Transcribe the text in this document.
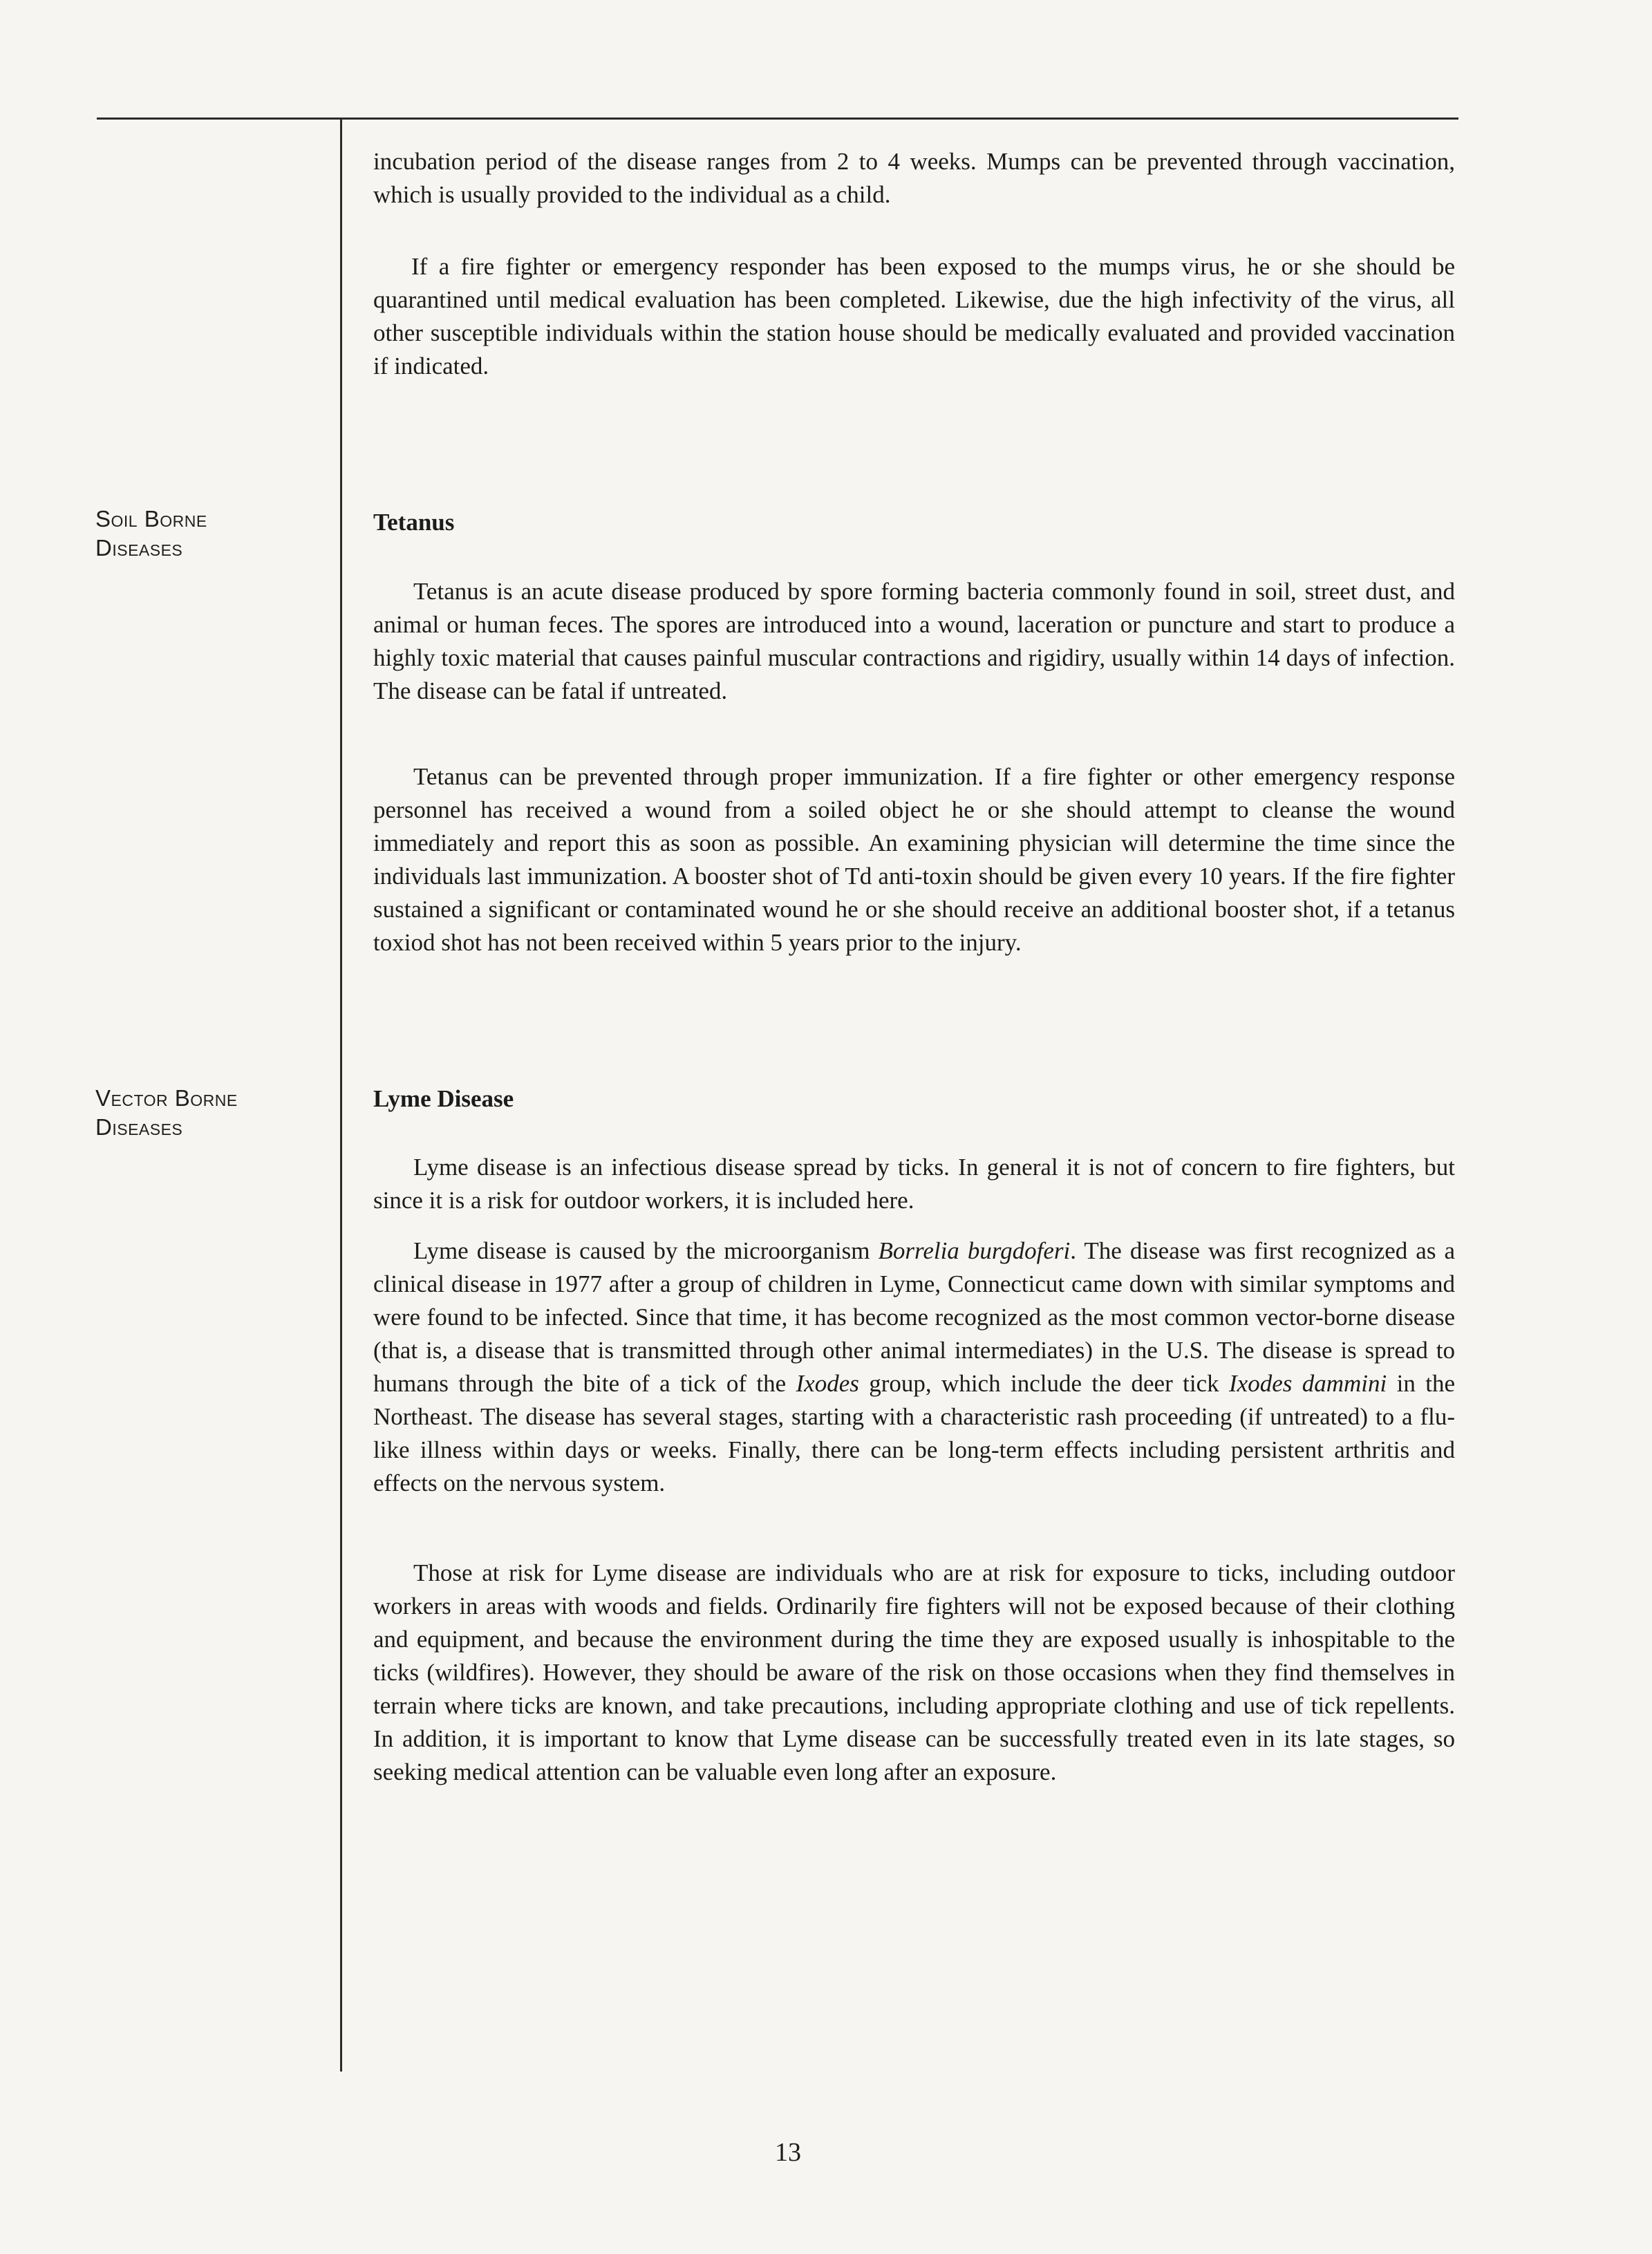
incubation period of the disease ranges from 2 to 4 weeks. Mumps can be prevented through vaccination, which is usually provided to the individual as a child.

If a fire fighter or emergency responder has been exposed to the mumps virus, he or she should be quarantined until medical evaluation has been completed. Likewise, due the high infectivity of the virus, all other susceptible individuals within the station house should be medically evaluated and provided vaccination if indicated.

Soil Borne
Diseases

Tetanus

Tetanus is an acute disease produced by spore forming bacteria commonly found in soil, street dust, and animal or human feces. The spores are introduced into a wound, laceration or puncture and start to produce a highly toxic material that causes painful muscular contractions and rigidiry, usually within 14 days of infection. The disease can be fatal if untreated.

Tetanus can be prevented through proper immunization. If a fire fighter or other emergency response personnel has received a wound from a soiled object he or she should attempt to cleanse the wound immediately and report this as soon as possible. An examining physician will determine the time since the individuals last immunization. A booster shot of Td anti-toxin should be given every 10 years. If the fire fighter sustained a significant or contaminated wound he or she should receive an additional booster shot, if a tetanus toxiod shot has not been received within 5 years prior to the injury.

Vector Borne
Diseases

Lyme Disease

Lyme disease is an infectious disease spread by ticks. In general it is not of concern to fire fighters, but since it is a risk for outdoor workers, it is included here.

Lyme disease is caused by the microorganism Borrelia burgdoferi. The disease was first recognized as a clinical disease in 1977 after a group of children in Lyme, Connecticut came down with similar symptoms and were found to be infected. Since that time, it has become recognized as the most common vector-borne disease (that is, a disease that is transmitted through other animal intermediates) in the U.S. The disease is spread to humans through the bite of a tick of the Ixodes group, which include the deer tick Ixodes dammini in the Northeast. The disease has several stages, starting with a characteristic rash proceeding (if untreated) to a flu-like illness within days or weeks. Finally, there can be long-term effects including persistent arthritis and effects on the nervous system.

Those at risk for Lyme disease are individuals who are at risk for exposure to ticks, including outdoor workers in areas with woods and fields. Ordinarily fire fighters will not be exposed because of their clothing and equipment, and because the environment during the time they are exposed usually is inhospitable to the ticks (wildfires). However, they should be aware of the risk on those occasions when they find themselves in terrain where ticks are known, and take precautions, including appropriate clothing and use of tick repellents. In addition, it is important to know that Lyme disease can be successfully treated even in its late stages, so seeking medical attention can be valuable even long after an exposure.

13
